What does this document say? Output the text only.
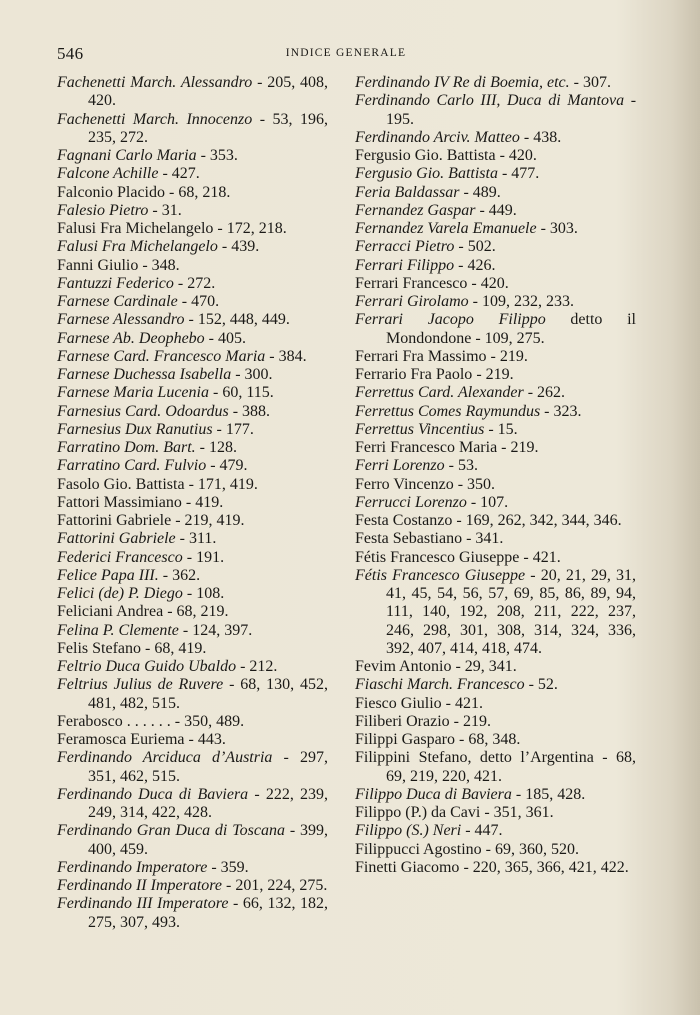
546	INDICE GENERALE

Fachenetti March. Alessandro - 205, 408, 420.

Fachenetti March. Innocenzo - 53, 196, 235, 272.

Fagnani Carlo Maria - 353.

Falcone Achille - 427.

Falconio Placido - 68, 218.

Falesio Pietro - 31.

Falusi Fra Michelangelo - 172, 218.

Falusi Fra Michelangelo - 439.

Fanni Giulio - 348.

Fantuzzi Federico - 272.

Farnese Cardinale - 470.

Farnese Alessandro - 152, 448, 449.

Farnese Ab. Deophebo - 405.

Farnese Card. Francesco Maria - 384.

Farnese Duchessa Isabella - 300.

Farnese Maria Lucenia - 60, 115.

Farnesius Card. Odoardus - 388.

Farnesius Dux Ranutius - 177.

Farratino Dom. Bart. - 128.

Farratino Card. Fulvio - 479.

Fasolo Gio. Battista - 171, 419.

Fattori Massimiano - 419.

Fattorini Gabriele - 219, 419.

Fattorini Gabriele - 311.

Federici Francesco - 191.

Felice Papa III. - 362.

Felici (de) P. Diego - 108.

Feliciani Andrea - 68, 219.

Felina P. Clemente - 124, 397.

Felis Stefano - 68, 419.

Feltrio Duca Guido Ubaldo - 212.

Feltrius Julius de Ruvere - 68, 130, 452, 481, 482, 515.

Ferabosco . . . . . . - 350, 489.

Feramosca Euriema - 443.

Ferdinando Arciduca d’Austria - 297, 351, 462, 515.

Ferdinando Duca di Baviera - 222, 239, 249, 314, 422, 428.

Ferdinando Gran Duca di Toscana - 399, 400, 459.

Ferdinando Imperatore - 359.

Ferdinando II Imperatore - 201, 224, 275.

Ferdinando III Imperatore - 66, 132, 182, 275, 307, 493.

Ferdinando IV Re di Boemia, etc. - 307.

Ferdinando Carlo III, Duca di Mantova - 195.

Ferdinando Arciv. Matteo - 438.

Fergusio Gio. Battista - 420.

Fergusio Gio. Battista - 477.

Feria Baldassar - 489.

Fernandez Gaspar - 449.

Fernandez Varela Emanuele - 303.

Ferracci Pietro - 502.

Ferrari Filippo - 426.

Ferrari Francesco - 420.

Ferrari Girolamo - 109, 232, 233.

Ferrari Jacopo Filippo detto il Mondondone - 109, 275.

Ferrari Fra Massimo - 219.

Ferrario Fra Paolo - 219.

Ferrettus Card. Alexander - 262.

Ferrettus Comes Raymundus - 323.

Ferrettus Vincentius - 15.

Ferri Francesco Maria - 219.

Ferri Lorenzo - 53.

Ferro Vincenzo - 350.

Ferrucci Lorenzo - 107.

Festa Costanzo - 169, 262, 342, 344, 346.

Festa Sebastiano - 341.

Fétis Francesco Giuseppe - 421.

Fétis Francesco Giuseppe - 20, 21, 29, 31, 41, 45, 54, 56, 57, 69, 85, 86, 89, 94, 111, 140, 192, 208, 211, 222, 237, 246, 298, 301, 308, 314, 324, 336, 392, 407, 414, 418, 474.

Fevim Antonio - 29, 341.

Fiaschi March. Francesco - 52.

Fiesco Giulio - 421.

Filiberi Orazio - 219.

Filippi Gasparo - 68, 348.

Filippini Stefano, detto l’Argentina - 68, 69, 219, 220, 421.

Filippo Duca di Baviera - 185, 428.

Filippo (P.) da Cavi - 351, 361.

Filippo (S.) Neri - 447.

Filippucci Agostino - 69, 360, 520.

Finetti Giacomo - 220, 365, 366, 421, 422.
